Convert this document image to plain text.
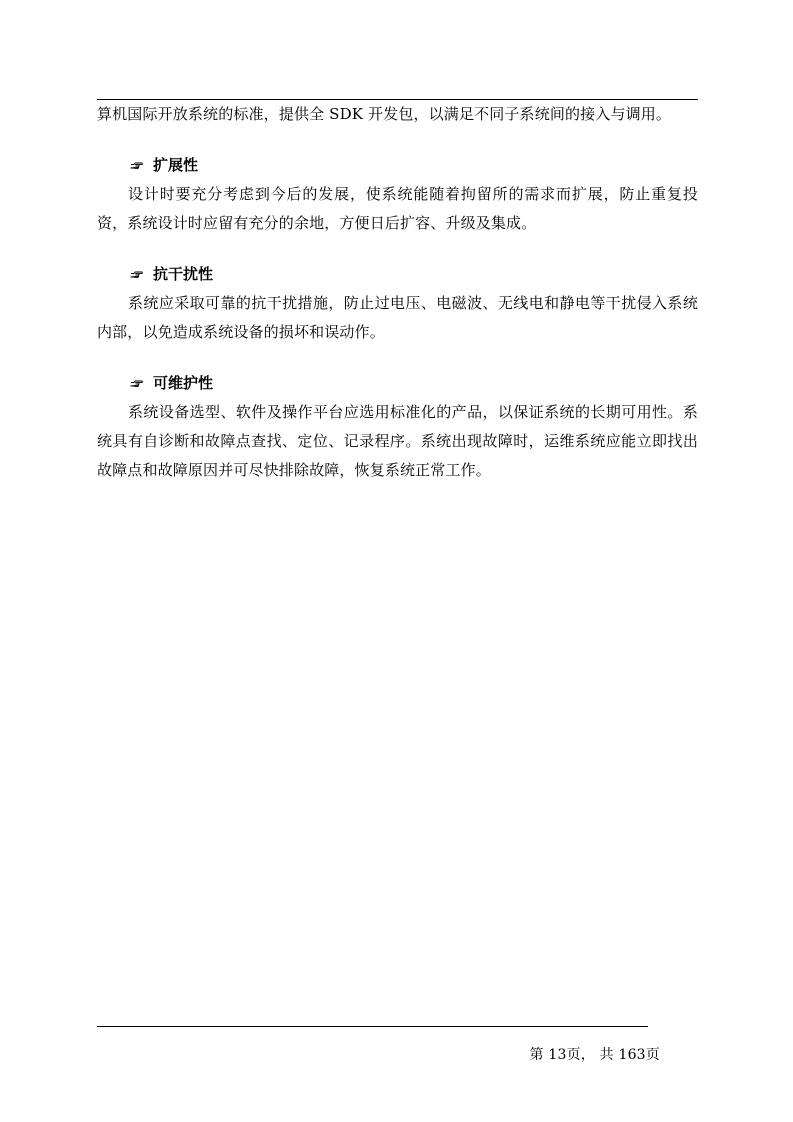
算机国际开放系统的标准，提供全 SDK 开发包，以满足不同子系统间的接入与调用。

扩展性

设计时要充分考虑到今后的发展，使系统能随着拘留所的需求而扩展，防止重复投资，系统设计时应留有充分的余地，方便日后扩容、升级及集成。

抗干扰性

系统应采取可靠的抗干扰措施，防止过电压、电磁波、无线电和静电等干扰侵入系统内部，以免造成系统设备的损坏和误动作。

可维护性

系统设备选型、软件及操作平台应选用标准化的产品，以保证系统的长期可用性。系统具有自诊断和故障点查找、定位、记录程序。系统出现故障时，运维系统应能立即找出故障点和故障原因并可尽快排除故障，恢复系统正常工作。

第 13页， 共 163页
